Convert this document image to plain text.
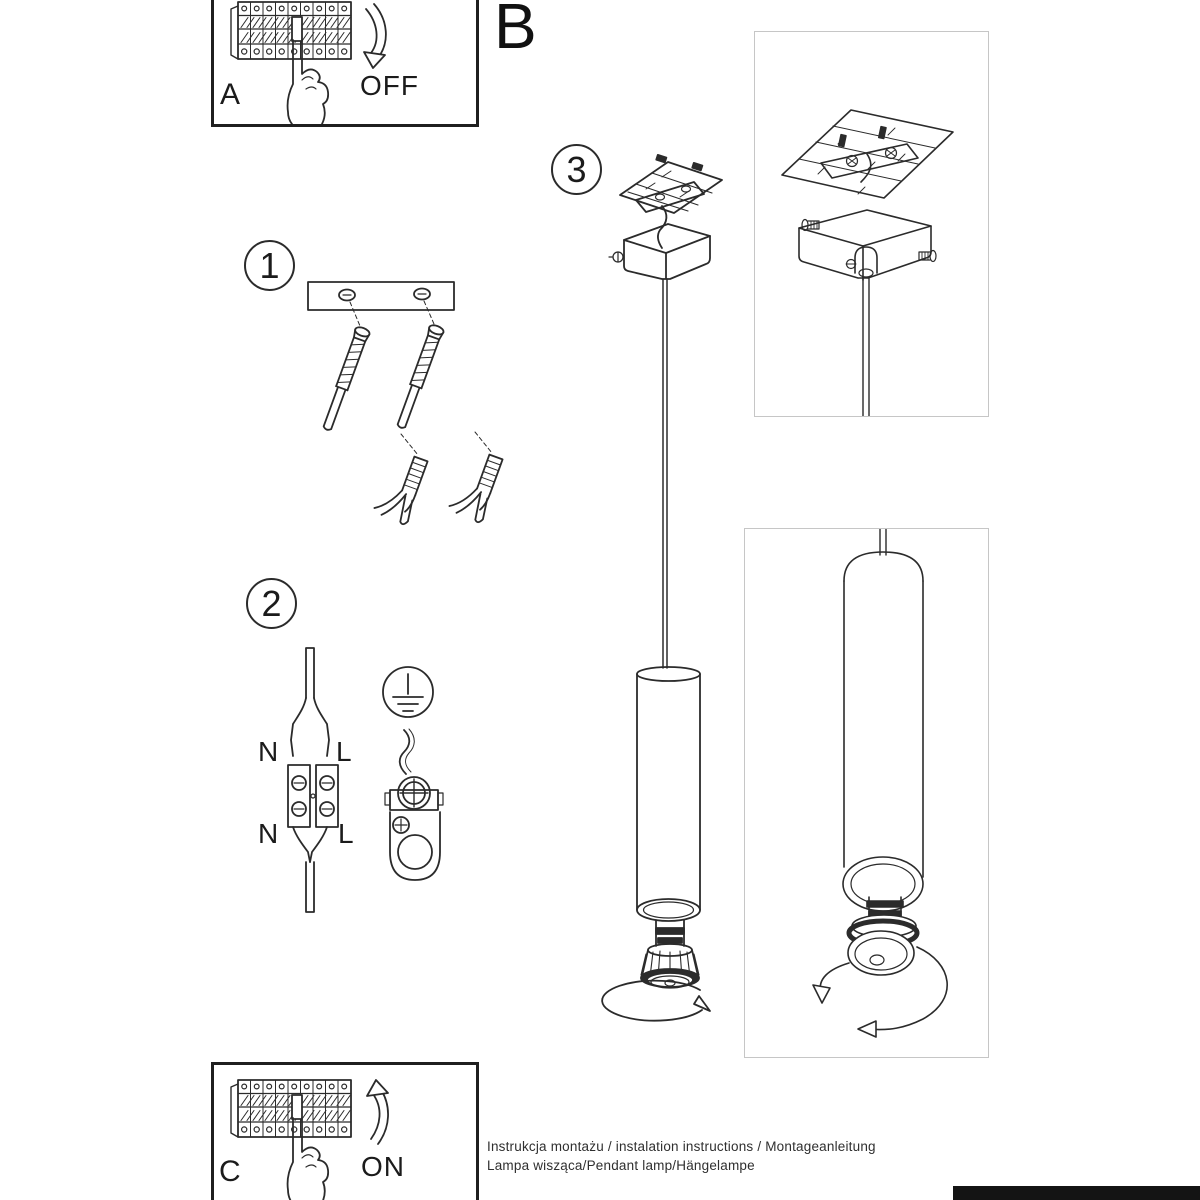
A	OFF
B
1
2
3
N L
N L
C	ON
Instrukcja montażu / instalation instructions / Montageanleitung
Lampa wisząca/Pendant lamp/Hängelampe
